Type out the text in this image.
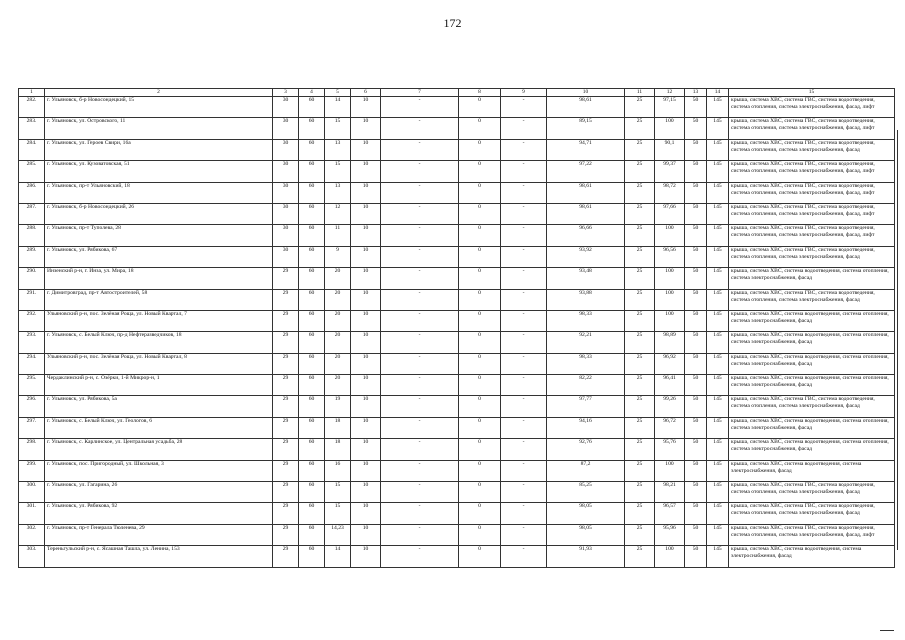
172
1	2	3	4	5	6	7	8	9	10	11	12	13	14	15
282.	г. Ульяновск, б-р Новосондецкий, 15	30	60	14	10	-	0	-	98,61	25	97,15	50	145	крыша, система ХВС, система ГВС, система водоотведения, система отопления, система электроснабжения, фасад, лифт
283.	г. Ульяновск, ул. Островского, 11	30	60	15	10	-	0	-	89,15	25	100	50	145	крыша, система ХВС, система ГВС, система водоотведения, система отопления, система электроснабжения, фасад, лифт
284.	г. Ульяновск, ул. Героев Свири, 16а	30	60	13	10	-	0	-	94,71	25	90,1	50	145	крыша, система ХВС, система ГВС, система водоотведения, система отопления, система электроснабжения, фасад
285.	г. Ульяновск, ул. Кузоватовская, 51	30	60	15	10	-	0	-	97,22	25	99,37	50	145	крыша, система ХВС, система ГВС, система водоотведения, система отопления, система электроснабжения, фасад, лифт
286.	г. Ульяновск, пр-т Ульяновский, 18	30	60	13	10	-	0	-	98,61	25	98,72	50	145	крыша, система ХВС, система ГВС, система водоотведения, система отопления, система электроснабжения, фасад, лифт
287.	г. Ульяновск, б-р Новосондецкий, 26	30	60	12	10	-	0	-	98,61	25	97,66	50	145	крыша, система ХВС, система ГВС, система водоотведения, система отопления, система электроснабжения, фасад, лифт
288.	г. Ульяновск, пр-т Туполева, 28	30	60	11	10	-	0	-	96,66	25	100	50	145	крыша, система ХВС, система ГВС, система водоотведения, система отопления, система электроснабжения, фасад, лифт
289.	г. Ульяновск, ул. Рябикова, 67	30	60	9	10	-	0	-	93,92	25	96,56	50	145	крыша, система ХВС, система ГВС, система водоотведения, система отопления, система электроснабжения, фасад
290.	Инзенский р-н, г. Инза, ул. Мира, 18	29	60	20	10	-	0	-	93,48	25	100	50	145	крыша, система ХВС, система водоотведения, система отопления, система электроснабжения, фасад
291.	г. Димитровград, пр-т Автостроителей, 58	29	60	20	10	-	0	-	93,88	25	100	50	145	крыша, система ХВС, система ГВС, система водоотведения, система отопления, система электроснабжения, фасад
292.	Ульяновский р-н, пос. Зелёная Роща, ул. Новый Квартал, 7	29	60	20	10	-	0	-	98,33	25	100	50	145	крыша, система ХВС, система водоотведения, система отопления, система электроснабжения, фасад
293.	г. Ульяновск, с. Белый Ключ, пр-д Нефтеразведчиков, 18	29	60	20	10	-	0	-	92,21	25	98,89	50	145	крыша, система ХВС, система водоотведения, система отопления, система электроснабжения, фасад
294.	Ульяновский р-н, пос. Зелёная Роща, ул. Новый Квартал, 8	29	60	20	10	-	0	-	98,33	25	96,92	50	145	крыша, система ХВС, система водоотведения, система отопления, система электроснабжения, фасад
295.	Чердаклинский р-н, с. Озёрки, 1-й Микрор-н, 1	29	60	20	10	-	0	-	82,22	25	96,41	50	145	крыша, система ХВС, система водоотведения, система отопления, система электроснабжения, фасад
296.	г. Ульяновск, ул. Рябикова, 5а	29	60	19	10	-	0	-	97,77	25	99,26	50	145	крыша, система ХВС, система ГВС, система водоотведения, система отопления, система электроснабжения, фасад
297.	г. Ульяновск, с. Белый Ключ, ул. Геологов, 6	29	60	18	10	-	0	-	94,16	25	96,72	50	145	крыша, система ХВС, система водоотведения, система отопления, система электроснабжения, фасад
298.	г. Ульяновск, с. Карлинское, ул. Центральная усадьба, 28	29	60	18	10	-	0	-	92,76	25	95,76	50	145	крыша, система ХВС, система водоотведения, система отопления, система электроснабжения, фасад
299.	г. Ульяновск, пос. Пригородный, ул. Школьная, 3	29	60	16	10	-	0	-	87,2	25	100	50	145	крыша, система ХВС, система водоотведения, система электроснабжения, фасад
300.	г. Ульяновск, ул. Гагарина, 26	29	60	15	10	-	0	-	85,25	25	98,21	50	145	крыша, система ХВС, система ГВС, система водоотведения, система отопления, система электроснабжения, фасад
301.	г. Ульяновск, ул. Рябикова, 92	29	60	15	10	-	0	-	98,05	25	96,57	50	145	крыша, система ХВС, система ГВС, система водоотведения, система отопления, система электроснабжения, фасад
302.	г. Ульяновск, пр-т Генерала Тюленева, 29	29	60	14,23	10	-	0	-	98,05	25	95,96	50	145	крыша, система ХВС, система ГВС, система водоотведения, система отопления, система электроснабжения, фасад, лифт
303.	Тереньгульский р-н, с. Ясашная Ташла, ул. Ленина, 153	29	60	14	10	-	0	-	91,93	25	100	50	145	крыша, система ХВС, система водоотведения, система электроснабжения, фасад
